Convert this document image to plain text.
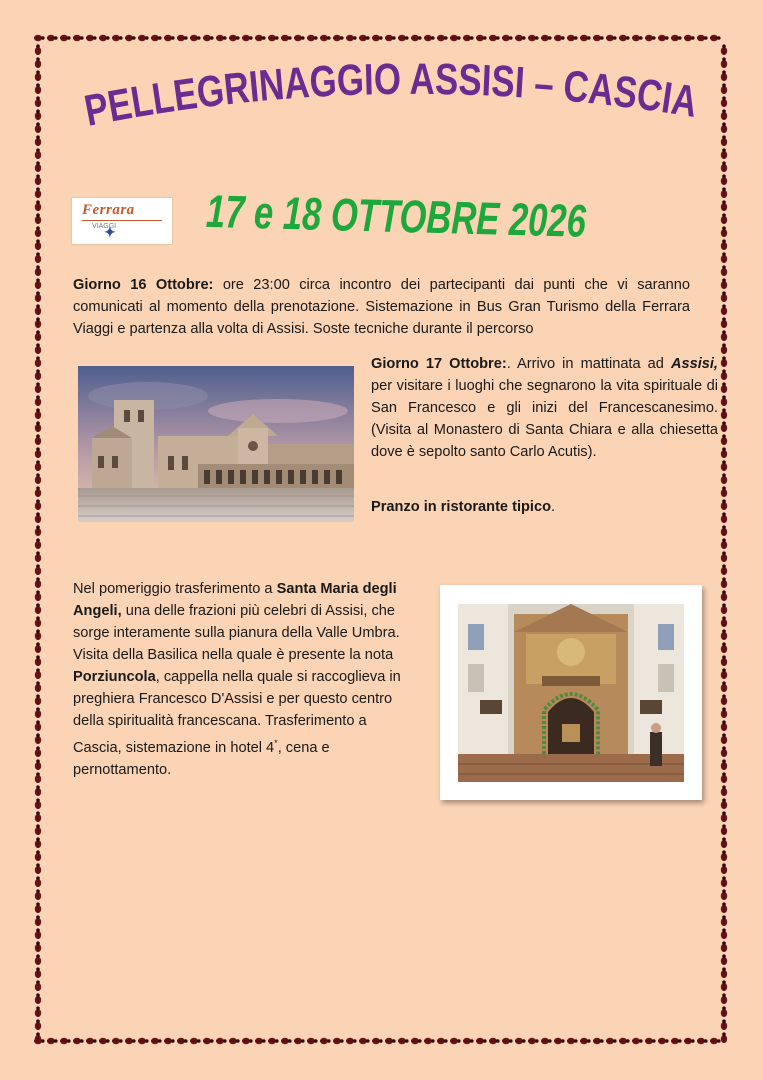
PELLEGRINAGGIO ASSISI – CASCIA
Ferrara
VIAGGI
✦ 17 e 18 OTTOBRE 2026
Giorno 16 Ottobre: ore 23:00 circa incontro dei partecipanti dai punti che vi saranno comunicati al momento della prenotazione. Sistemazione in Bus Gran Turismo della Ferrara Viaggi e partenza alla volta di Assisi. Soste tecniche durante il percorso
Giorno 17 Ottobre:. Arrivo in mattinata ad Assisi, per visitare i luoghi che segnarono la vita spirituale di San Francesco e gli inizi del Francescanesimo. (Visita al Monastero di Santa Chiara e alla chiesetta dove è sepolto santo Carlo Acutis).
Pranzo in ristorante tipico.
Nel pomeriggio trasferimento a Santa Maria degli Angeli, una delle frazioni più celebri di Assisi, che sorge interamente sulla pianura della Valle Umbra. Visita della Basilica nella quale è presente la nota Porziuncola, cappella nella quale si raccoglieva in preghiera Francesco D'Assisi e per questo centro della spiritualità francescana. Trasferimento a Cascia, sistemazione in hotel 4*, cena e pernottamento.
